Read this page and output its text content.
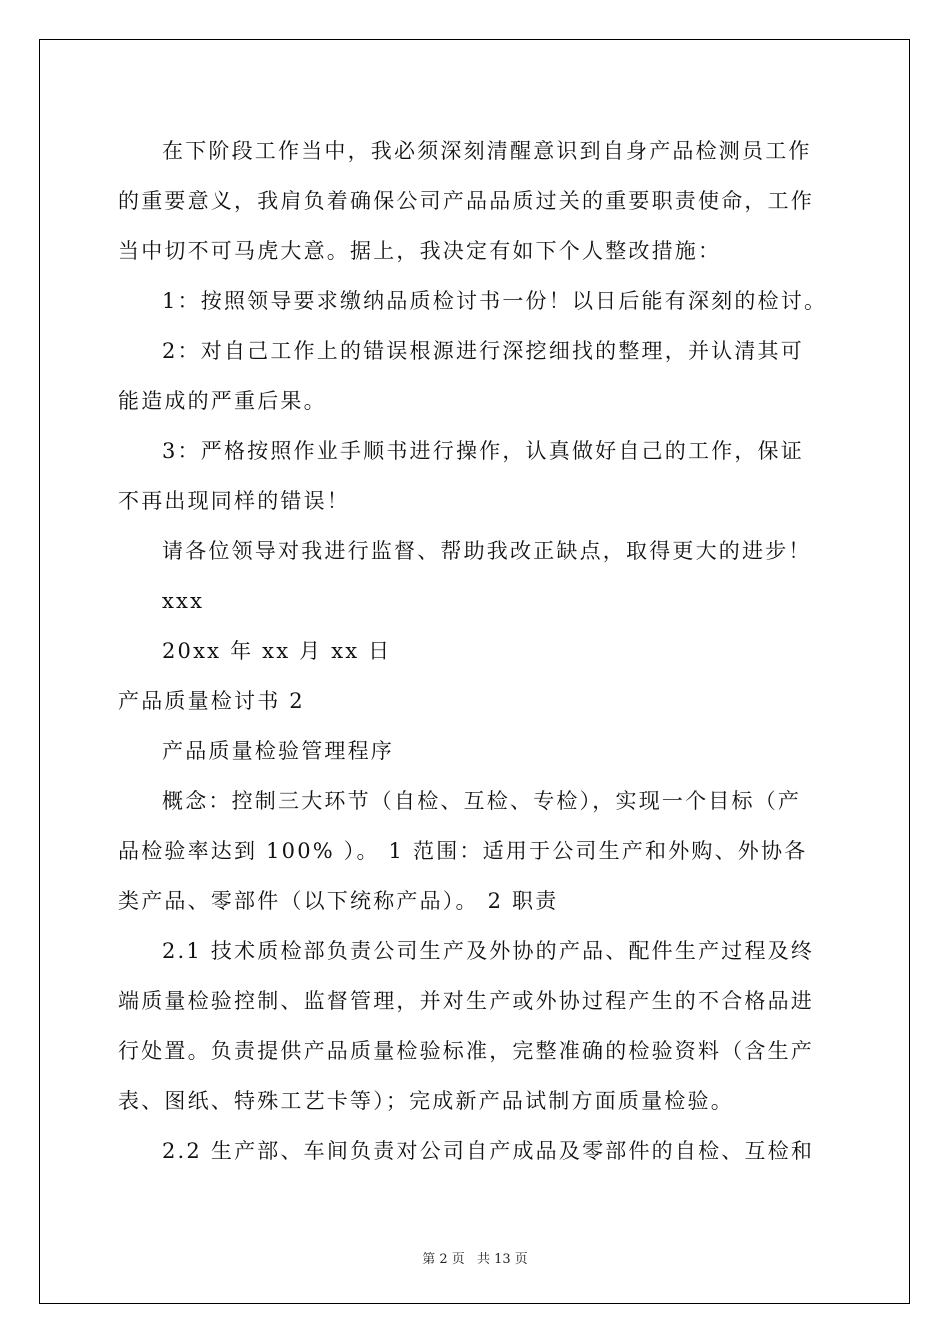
在下阶段工作当中，我必须深刻清醒意识到自身产品检测员工作

的重要意义，我肩负着确保公司产品品质过关的重要职责使命，工作

当中切不可马虎大意。据上，我决定有如下个人整改措施：

1：按照领导要求缴纳品质检讨书一份！以日后能有深刻的检讨。

2：对自己工作上的错误根源进行深挖细找的整理，并认清其可

能造成的严重后果。

3：严格按照作业手顺书进行操作，认真做好自己的工作，保证

不再出现同样的错误！

请各位领导对我进行监督、帮助我改正缺点，取得更大的进步！

xxx

20xx 年 xx 月 xx 日

产品质量检讨书 2

产品质量检验管理程序

概念：控制三大环节（自检、互检、专检），实现一个目标（产

品检验率达到 100% ）。 1 范围：适用于公司生产和外购、外协各

类产品、零部件（以下统称产品）。 2 职责

2.1 技术质检部负责公司生产及外协的产品、配件生产过程及终

端质量检验控制、监督管理，并对生产或外协过程产生的不合格品进

行处置。负责提供产品质量检验标准，完整准确的检验资料（含生产

表、图纸、特殊工艺卡等）；完成新产品试制方面质量检验。

2.2 生产部、车间负责对公司自产成品及零部件的自检、互检和

第 2 页 共 13 页
